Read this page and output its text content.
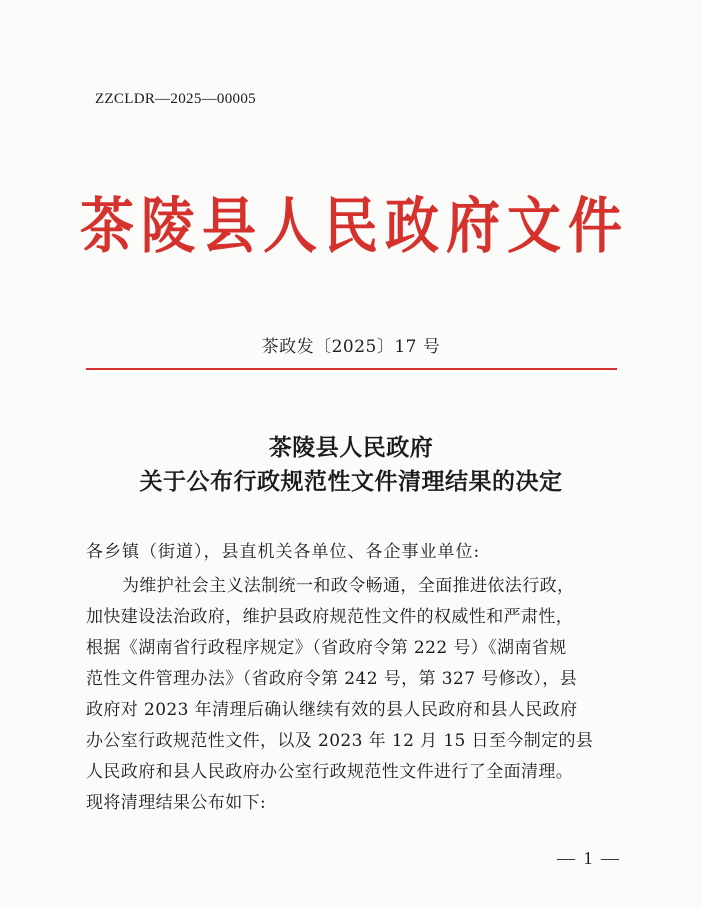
ZZCLDR—2025—00005
茶陵县人民政府文件
茶政发〔2025〕17 号
茶陵县人民政府
关于公布行政规范性文件清理结果的决定
各乡镇（街道），县直机关各单位、各企事业单位:
为维护社会主义法制统一和政令畅通，全面推进依法行政，
加快建设法治政府，维护县政府规范性文件的权威性和严肃性，
根据《湖南省行政程序规定》（省政府令第 222 号）《湖南省规
范性文件管理办法》（省政府令第 242 号，第 327 号修改），县
政府对 2023 年清理后确认继续有效的县人民政府和县人民政府
办公室行政规范性文件，以及 2023 年 12 月 15 日至今制定的县
人民政府和县人民政府办公室行政规范性文件进行了全面清理。
现将清理结果公布如下:
— 1 —
